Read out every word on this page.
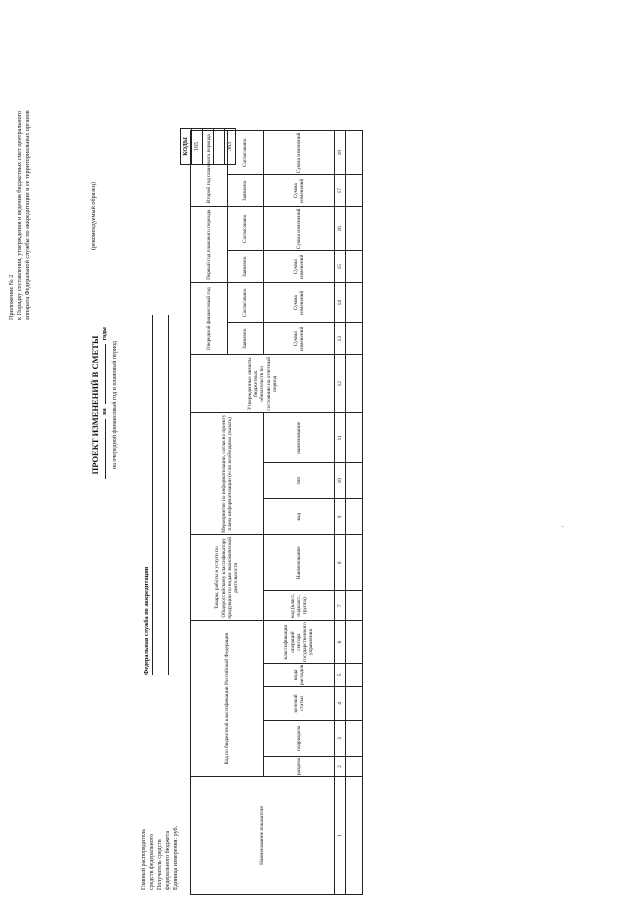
Приложение № 2 к Порядку составления, утверждения и ведения бюджетных смет центрального аппарата Федеральной службы по аккредитации и ее территориальных органов	(рекомендуемый образец)
ПРОЕКТ ИЗМЕНЕНИЙ В СМЕТЫ нагоды
на очередной финансовый год и плановый период
КОДЫ
165

383
Главный распорядитель средств федерального Получатель средств федерального бюджета Единица измерения: руб.
Федеральная служба по аккредитации
Наименование показателя	Код по бюджетной классификации Российской Федерации					Товары, работы и услуги по Общероссийскому классификатору продукции по видам экономической деятельности		Мероприятие по информатизации, согласно проекту плана информатизации (если необходимо указать)			Утвержденные лимиты бюджетных обязательств по состоянию на отчетный период	Очередной финансовый год		Первый год планового периода		Второй год планового периода	
												Заявлено	Согласовано	Заявлено	Согласовано	Заявлено	Согласовано
	раздела	подраздела	целевой статьи	вида расходов	классификации операций сектора государственного управления	код (класс, подкласс, группа)	Наименование	код	тип	наименование		Сумма изменений	Сумма изменений	Сумма изменений	Сумма изменений	Сумма изменений	Сумма изменений
1	2	3	4	5	6	7	8	9	10	11	12	13	14	15	16	17	18

'
